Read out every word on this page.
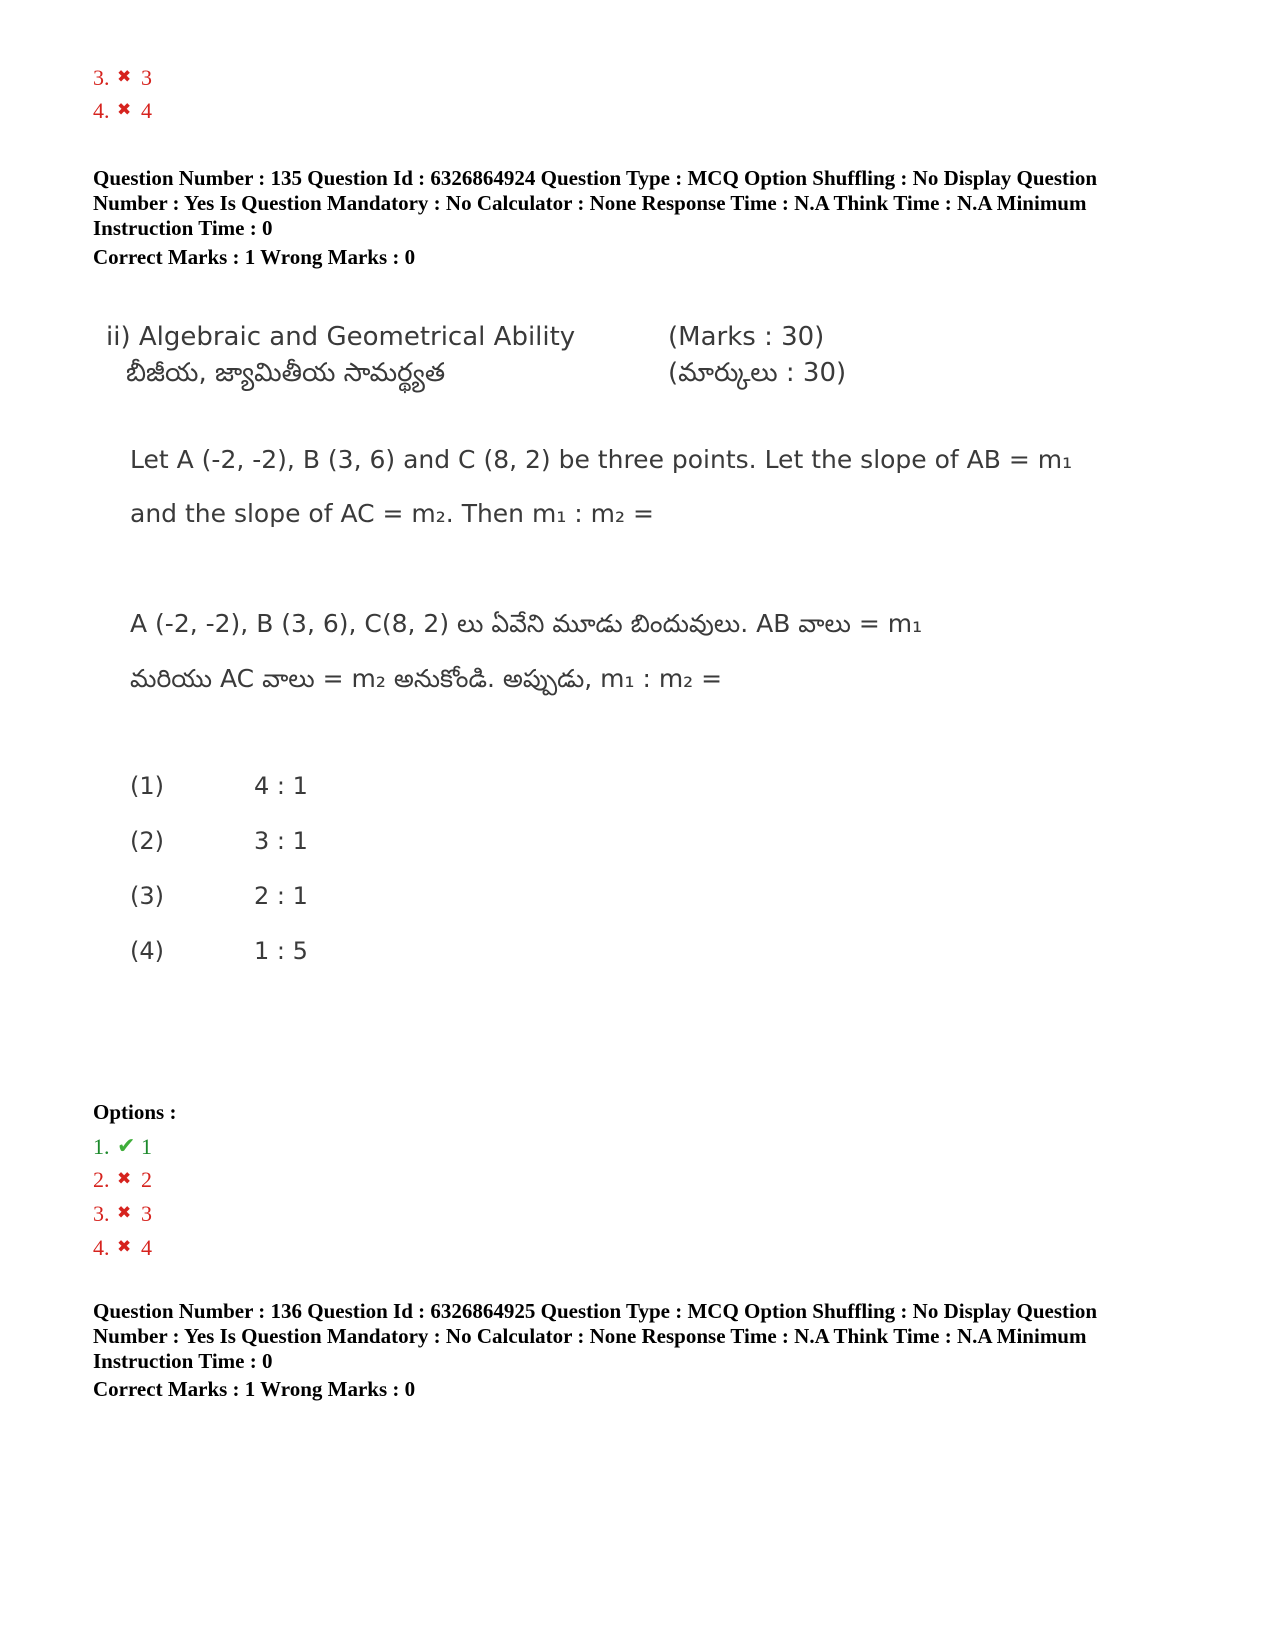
3. ✖ 3
4. ✖ 4
Question Number : 135 Question Id : 6326864924 Question Type : MCQ Option Shuffling : No Display Question
Number : Yes Is Question Mandatory : No Calculator : None Response Time : N.A Think Time : N.A Minimum
Instruction Time : 0
Correct Marks : 1 Wrong Marks : 0
ii) Algebraic and Geometrical Ability
బీజీయ, జ్యామితీయ సామర్థ్యత
(Marks : 30)
(మార్కులు : 30)
Let A (-2, -2), B (3, 6) and C (8, 2) be three points. Let the slope of AB = m₁
and the slope of AC = m₂. Then m₁ : m₂ =
A (-2, -2), B (3, 6), C(8, 2) లు ఏవేని మూడు బిందువులు. AB వాలు = m₁
మరియు AC వాలు = m₂ అనుకోండి. అప్పుడు, m₁ : m₂ =
(1)	4 : 1
(2)	3 : 1
(3)	2 : 1
(4)	1 : 5
Options :
1. ✔ 1
2. ✖ 2
3. ✖ 3
4. ✖ 4
Question Number : 136 Question Id : 6326864925 Question Type : MCQ Option Shuffling : No Display Question
Number : Yes Is Question Mandatory : No Calculator : None Response Time : N.A Think Time : N.A Minimum
Instruction Time : 0
Correct Marks : 1 Wrong Marks : 0
